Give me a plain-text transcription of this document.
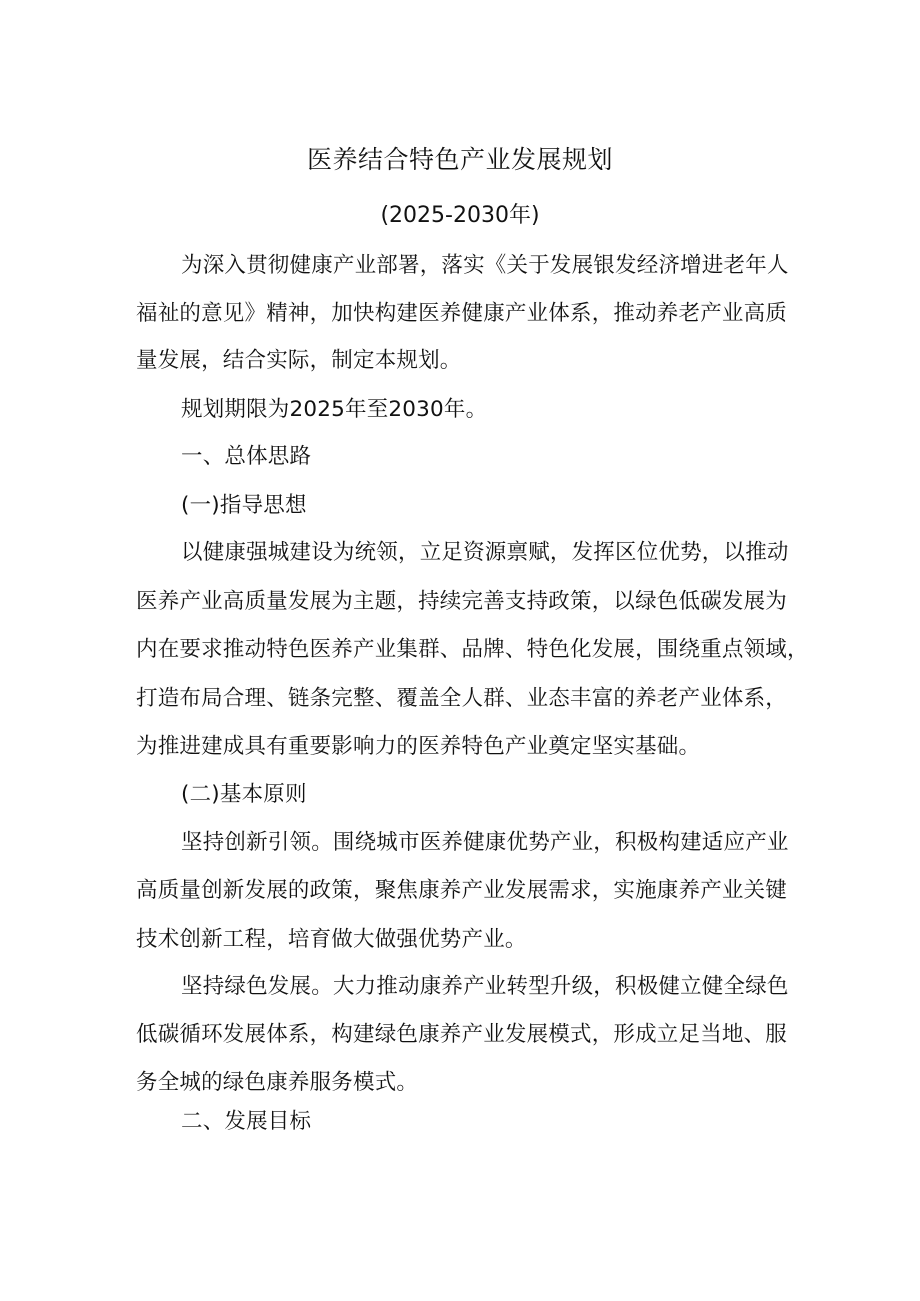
医养结合特色产业发展规划
(2025-2030年)
为深入贯彻健康产业部署，落实《关于发展银发经济增进老年人
福祉的意见》精神，加快构建医养健康产业体系，推动养老产业高质
量发展，结合实际，制定本规划。
规划期限为2025年至2030年。
一、总体思路
(一)指导思想
以健康强城建设为统领，立足资源禀赋，发挥区位优势，以推动
医养产业高质量发展为主题，持续完善支持政策，以绿色低碳发展为
内在要求推动特色医养产业集群、品牌、特色化发展，围绕重点领域，
打造布局合理、链条完整、覆盖全人群、业态丰富的养老产业体系，
为推进建成具有重要影响力的医养特色产业奠定坚实基础。
(二)基本原则
坚持创新引领。围绕城市医养健康优势产业，积极构建适应产业
高质量创新发展的政策，聚焦康养产业发展需求，实施康养产业关键
技术创新工程，培育做大做强优势产业。
坚持绿色发展。大力推动康养产业转型升级，积极健立健全绿色
低碳循环发展体系，构建绿色康养产业发展模式，形成立足当地、服
务全城的绿色康养服务模式。
二、发展目标
